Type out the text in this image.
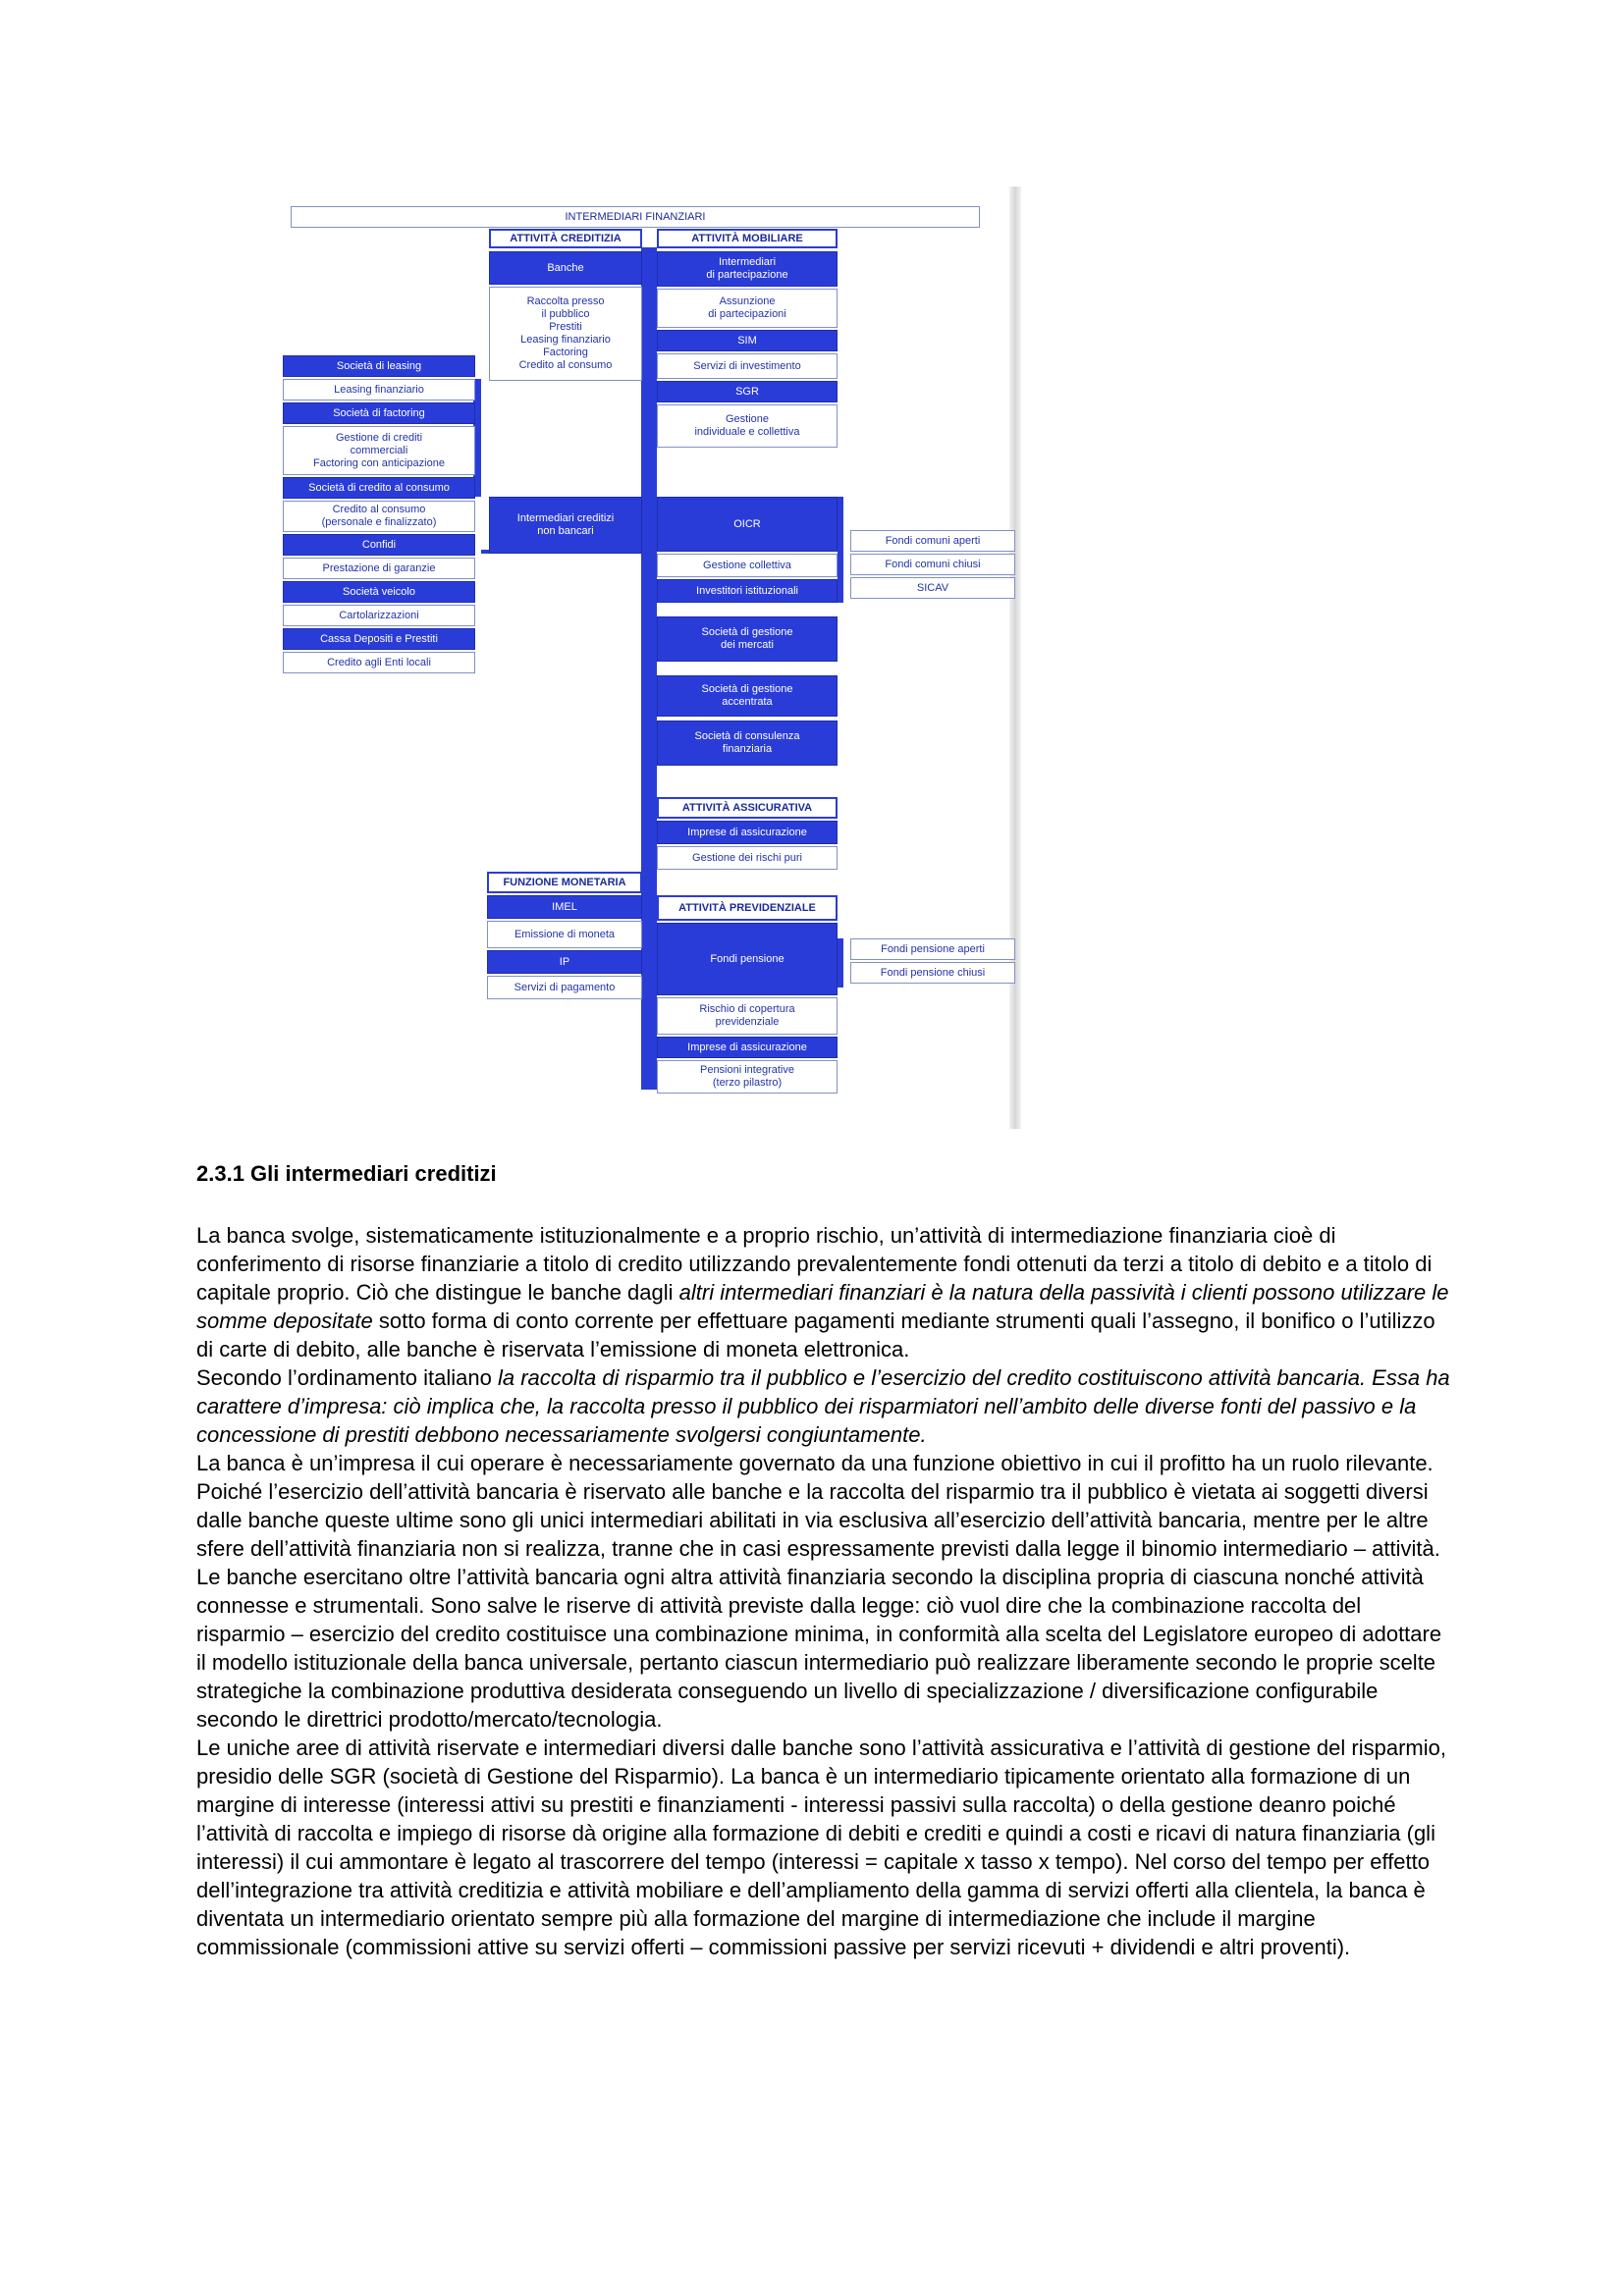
INTERMEDIARI FINANZIARI
ATTIVITÀ CREDITIZIA
Banche
Raccolta presso
il pubblico
Prestiti
Leasing finanziario
Factoring
Credito al consumo
Intermediari creditizi
non bancari
Società di leasing
Leasing finanziario
Società di factoring
Gestione di crediti
commerciali
Factoring con anticipazione
Società di credito al consumo
Credito al consumo
(personale e finalizzato)
Confidi
Prestazione di garanzie
Società veicolo
Cartolarizzazioni
Cassa Depositi e Prestiti
Credito agli Enti locali
ATTIVITÀ MOBILIARE
Intermediari
di partecipazione
Assunzione
di partecipazioni
SIM
Servizi di investimento
SGR
Gestione
individuale e collettiva
OICR
Gestione collettiva
Investitori istituzionali
Società di gestione
dei mercati
Società di gestione
accentrata
Società di consulenza
finanziaria
Fondi comuni aperti
Fondi comuni chiusi
SICAV
ATTIVITÀ ASSICURATIVA
Imprese di assicurazione
Gestione dei rischi puri
FUNZIONE MONETARIA
IMEL
Emissione di moneta
IP
Servizi di pagamento
ATTIVITÀ PREVIDENZIALE
Fondi pensione
Rischio di copertura
previdenziale
Imprese di assicurazione
Pensioni integrative
(terzo pilastro)
Fondi pensione aperti
Fondi pensione chiusi
2.3.1 Gli intermediari creditizi

La banca svolge, sistematicamente istituzionalmente e a proprio rischio, un’attività di intermediazione finanziaria cioè di conferimento di risorse finanziarie a titolo di credito utilizzando prevalentemente fondi ottenuti da terzi a titolo di debito e a titolo di capitale proprio. Ciò che distingue le banche dagli altri intermediari finanziari è la natura della passività i clienti possono utilizzare le somme depositate sotto forma di conto corrente per effettuare pagamenti mediante strumenti quali l’assegno, il bonifico o l’utilizzo di carte di debito, alle banche è riservata l’emissione di moneta elettronica.

Secondo l’ordinamento italiano la raccolta di risparmio tra il pubblico e l’esercizio del credito costituiscono attività bancaria. Essa ha carattere d’impresa: ciò implica che, la raccolta presso il pubblico dei risparmiatori nell’ambito delle diverse fonti del passivo e la concessione di prestiti debbono necessariamente svolgersi congiuntamente.

La banca è un’impresa il cui operare è necessariamente governato da una funzione obiettivo in cui il profitto ha un ruolo rilevante. Poiché l’esercizio dell’attività bancaria è riservato alle banche e la raccolta del risparmio tra il pubblico è vietata ai soggetti diversi dalle banche queste ultime sono gli unici intermediari abilitati in via esclusiva all’esercizio dell’attività bancaria, mentre per le altre sfere dell’attività finanziaria non si realizza, tranne che in casi espressamente previsti dalla legge il binomio intermediario – attività.

Le banche esercitano oltre l’attività bancaria ogni altra attività finanziaria secondo la disciplina propria di ciascuna nonché attività connesse e strumentali. Sono salve le riserve di attività previste dalla legge: ciò vuol dire che la combinazione raccolta del risparmio – esercizio del credito costituisce una combinazione minima, in conformità alla scelta del Legislatore europeo di adottare il modello istituzionale della banca universale, pertanto ciascun intermediario può realizzare liberamente secondo le proprie scelte strategiche la combinazione produttiva desiderata conseguendo un livello di specializzazione / diversificazione configurabile secondo le direttrici prodotto/mercato/tecnologia.

Le uniche aree di attività riservate e intermediari diversi dalle banche sono l’attività assicurativa e l’attività di gestione del risparmio, presidio delle SGR (società di Gestione del Risparmio). La banca è un intermediario tipicamente orientato alla formazione di un margine di interesse (interessi attivi su prestiti e finanziamenti - interessi passivi sulla raccolta) o della gestione deanro poiché l’attività di raccolta e impiego di risorse dà origine alla formazione di debiti e crediti e quindi a costi e ricavi di natura finanziaria (gli interessi) il cui ammontare è legato al trascorrere del tempo (interessi = capitale x tasso x tempo). Nel corso del tempo per effetto dell’integrazione tra attività creditizia e attività mobiliare e dell’ampliamento della gamma di servizi offerti alla clientela, la banca è diventata un intermediario orientato sempre più alla formazione del margine di intermediazione che include il margine commissionale (commissioni attive su servizi offerti – commissioni passive per servizi ricevuti + dividendi e altri proventi).
